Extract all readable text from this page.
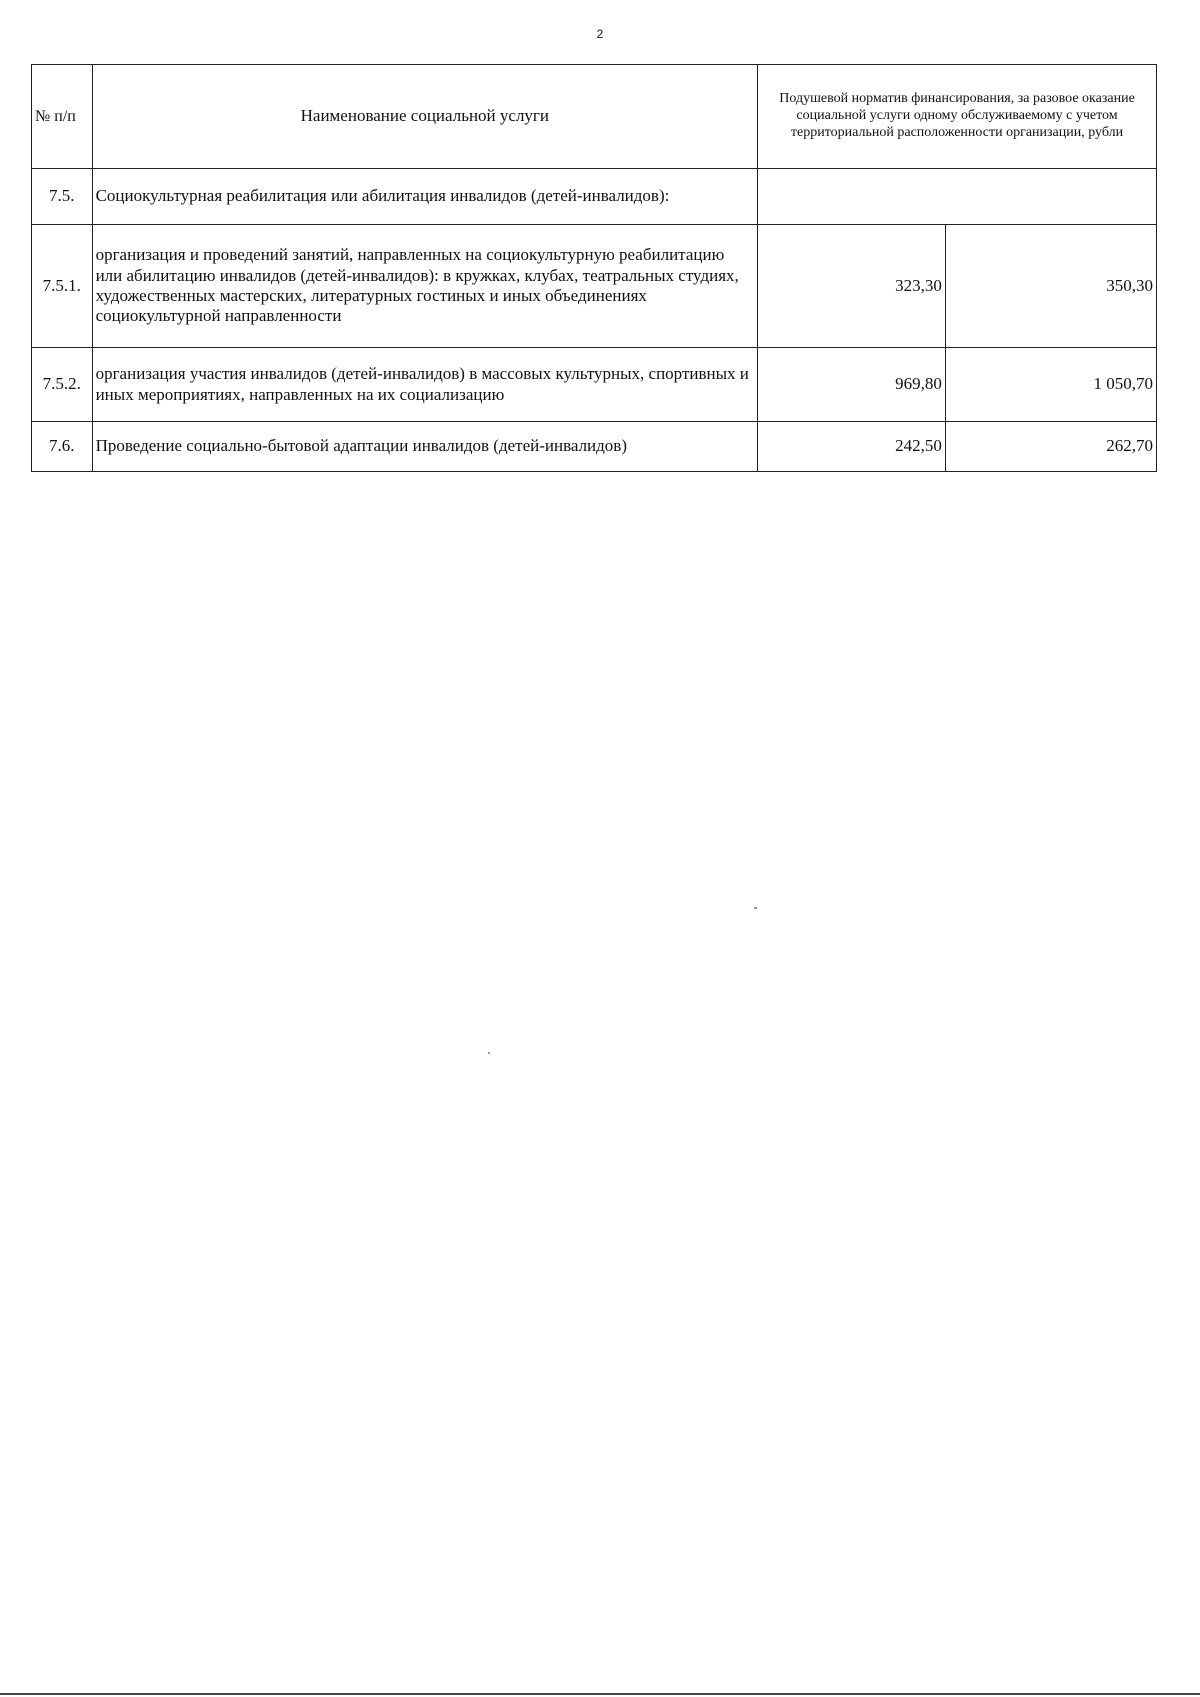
2
№ п/п	Наименование социальной услуги	Подушевой норматив финансирования, за разовое оказание социальной услуги одному обслуживаемому с учетом территориальной расположенности организации, рубли	
7.5.	Социокультурная реабилитация или абилитация инвалидов (детей-инвалидов):		
7.5.1.	организация и проведений занятий, направленных на социокультурную реабилитацию или абилитацию инвалидов (детей-инвалидов): в кружках, клубах, театральных студиях, художественных мастерских, литературных гостиных и иных объединениях социокультурной направленности	323,30	350,30
7.5.2.	организация участия инвалидов (детей-инвалидов) в массовых культурных, спортивных и иных мероприятиях, направленных на их социализацию	969,80	1 050,70
7.6.	Проведение социально-бытовой адаптации инвалидов (детей-инвалидов)	242,50	262,70
